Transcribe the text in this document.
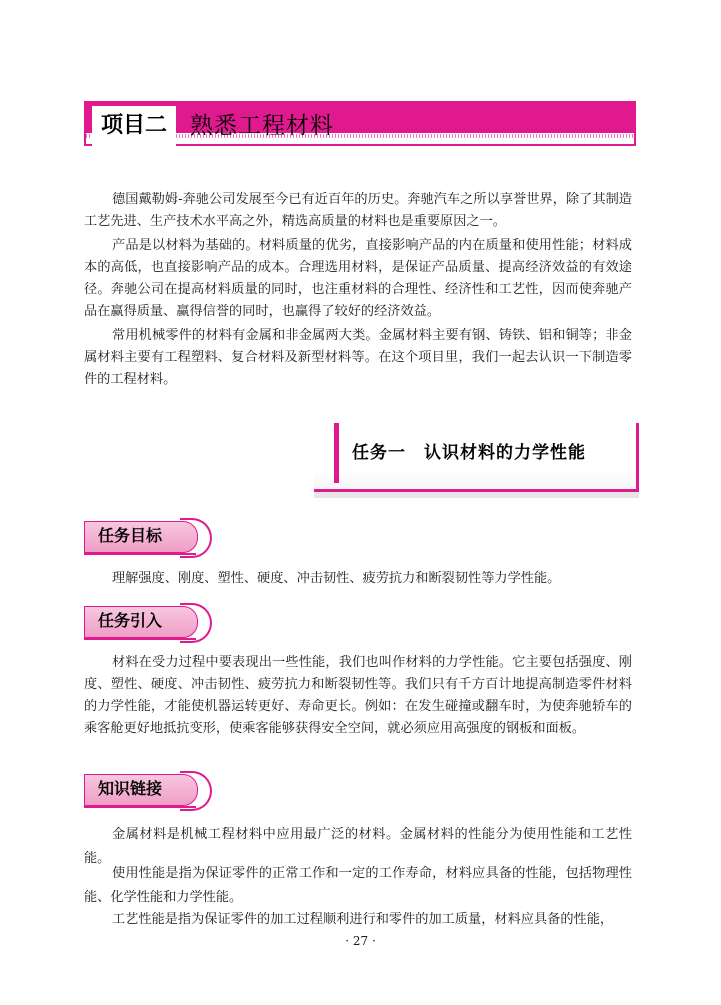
项目二	熟悉工程材料

德国戴勒姆-奔驰公司发展至今已有近百年的历史。奔驰汽车之所以享誉世界，除了其制造工艺先进、生产技术水平高之外，精选高质量的材料也是重要原因之一。

产品是以材料为基础的。材料质量的优劣，直接影响产品的内在质量和使用性能；材料成本的高低，也直接影响产品的成本。合理选用材料，是保证产品质量、提高经济效益的有效途径。奔驰公司在提高材料质量的同时，也注重材料的合理性、经济性和工艺性，因而使奔驰产品在赢得质量、赢得信誉的同时，也赢得了较好的经济效益。

常用机械零件的材料有金属和非金属两大类。金属材料主要有钢、铸铁、铝和铜等；非金属材料主要有工程塑料、复合材料及新型材料等。在这个项目里，我们一起去认识一下制造零件的工程材料。

任务一　认识材料的力学性能
任务目标

理解强度、刚度、塑性、硬度、冲击韧性、疲劳抗力和断裂韧性等力学性能。

任务引入

材料在受力过程中要表现出一些性能，我们也叫作材料的力学性能。它主要包括强度、刚度、塑性、硬度、冲击韧性、疲劳抗力和断裂韧性等。我们只有千方百计地提高制造零件材料的力学性能，才能使机器运转更好、寿命更长。例如：在发生碰撞或翻车时，为使奔驰轿车的乘客舱更好地抵抗变形，使乘客能够获得安全空间，就必须应用高强度的钢板和面板。

知识链接

金属材料是机械工程材料中应用最广泛的材料。金属材料的性能分为使用性能和工艺性能。

使用性能是指为保证零件的正常工作和一定的工作寿命，材料应具备的性能，包括物理性能、化学性能和力学性能。

工艺性能是指为保证零件的加工过程顺利进行和零件的加工质量，材料应具备的性能，

· 27 ·
